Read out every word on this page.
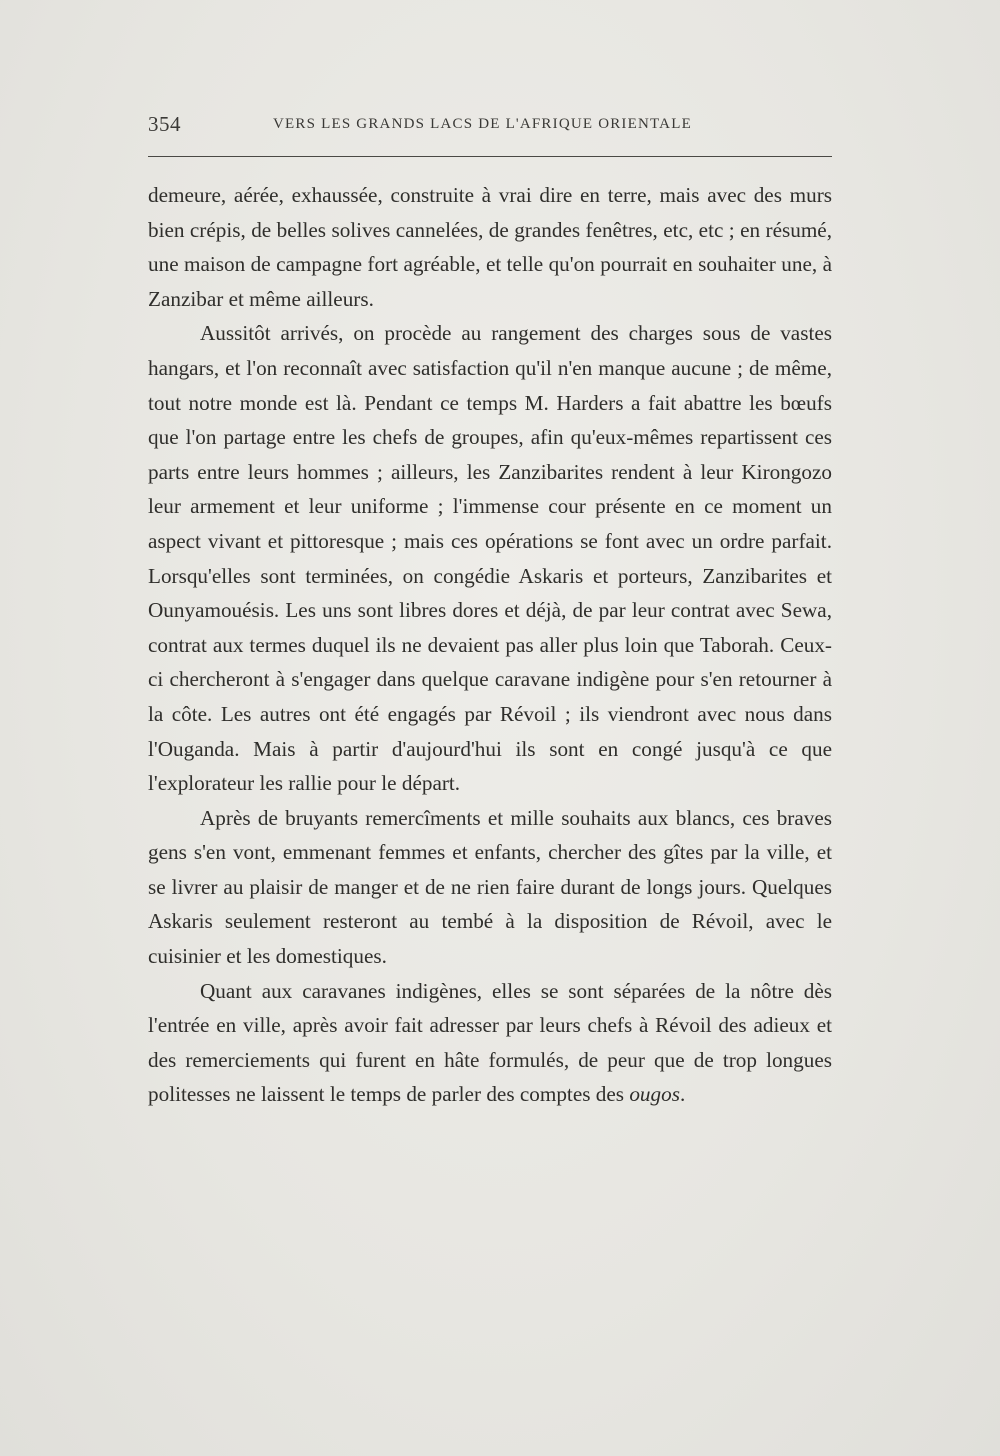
354	VERS LES GRANDS LACS DE L'AFRIQUE ORIENTALE

demeure, aérée, exhaussée, construite à vrai dire en terre, mais avec des murs bien crépis, de belles solives cannelées, de grandes fenêtres, etc, etc ; en résumé, une maison de campagne fort agréable, et telle qu'on pourrait en souhaiter une, à Zanzibar et même ailleurs.

Aussitôt arrivés, on procède au rangement des charges sous de vastes hangars, et l'on reconnaît avec satisfaction qu'il n'en manque aucune ; de même, tout notre monde est là. Pendant ce temps M. Harders a fait abattre les bœufs que l'on partage entre les chefs de groupes, afin qu'eux-mêmes repartissent ces parts entre leurs hommes ; ailleurs, les Zanzibarites rendent à leur Kirongozo leur armement et leur uniforme ; l'immense cour présente en ce moment un aspect vivant et pittoresque ; mais ces opérations se font avec un ordre parfait. Lorsqu'elles sont terminées, on congédie Askaris et porteurs, Zanzibarites et Ounyamouésis. Les uns sont libres dores et déjà, de par leur contrat avec Sewa, contrat aux termes duquel ils ne devaient pas aller plus loin que Taborah. Ceux-ci chercheront à s'engager dans quelque caravane indigène pour s'en retourner à la côte. Les autres ont été engagés par Révoil ; ils viendront avec nous dans l'Ouganda. Mais à partir d'aujourd'hui ils sont en congé jusqu'à ce que l'explorateur les rallie pour le départ.

Après de bruyants remercîments et mille souhaits aux blancs, ces braves gens s'en vont, emmenant femmes et enfants, chercher des gîtes par la ville, et se livrer au plaisir de manger et de ne rien faire durant de longs jours. Quelques Askaris seulement resteront au tembé à la disposition de Révoil, avec le cuisinier et les domestiques.

Quant aux caravanes indigènes, elles se sont séparées de la nôtre dès l'entrée en ville, après avoir fait adresser par leurs chefs à Révoil des adieux et des remerciements qui furent en hâte formulés, de peur que de trop longues politesses ne laissent le temps de parler des comptes des ougos.
